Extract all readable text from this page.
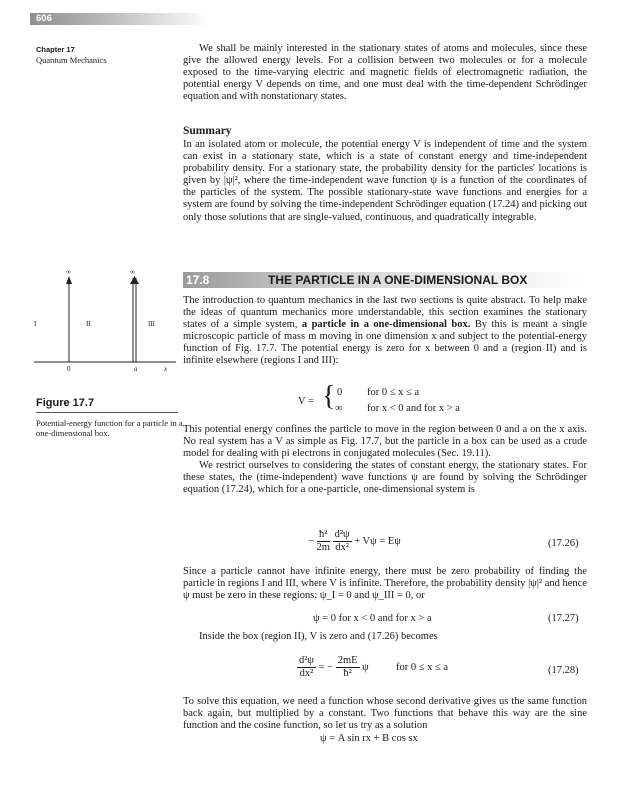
606
Chapter 17
Quantum Mechanics

We shall be mainly interested in the stationary states of atoms and molecules, since these give the allowed energy levels. For a collision between two molecules or for a molecule exposed to the time-varying electric and magnetic fields of electromagnetic radiation, the potential energy V depends on time, and one must deal with the time-dependent Schrödinger equation and with nonstationary states.

Summary

In an isolated atom or molecule, the potential energy V is independent of time and the system can exist in a stationary state, which is a state of constant energy and time-independent probability density. For a stationary state, the probability density for the particles' locations is given by |ψ|², where the time-independent wave function ψ is a function of the coordinates of the particles of the system. The possible stationary-state wave functions and energies for a system are found by solving the time-independent Schrödinger equation (17.24) and picking out only those solutions that are single-valued, continuous, and quadratically integrable.

17.8	THE PARTICLE IN A ONE-DIMENSIONAL BOX

The introduction to quantum mechanics in the last two sections is quite abstract. To help make the ideas of quantum mechanics more understandable, this section examines the stationary states of a simple system, a particle in a one-dimensional box. By this is meant a single microscopic particle of mass m moving in one dimension x and subject to the potential-energy function of Fig. 17.7. The potential energy is zero for x between 0 and a (region II) and is infinite elsewhere (regions I and III):

V = { 0 for 0 ≤ x ≤ a
∞ for x < 0 and for x > a

This potential energy confines the particle to move in the region between 0 and a on the x axis. No real system has a V as simple as Fig. 17.7, but the particle in a box can be used as a crude model for dealing with pi electrons in conjugated molecules (Sec. 19.11).

We restrict ourselves to considering the states of constant energy, the stationary states. For these states, the (time-independent) wave functions ψ are found by solving the Schrödinger equation (17.24), which for a one-particle, one-dimensional system is

− $\frac{\text{ħ²}}{2m}$
$\frac{\text{d²ψ}}{\text{dx²}} + V\psi = E\psi$	(17.26)

Since a particle cannot have infinite energy, there must be zero probability of finding the particle in regions I and III, where V is infinite. Therefore, the probability density |ψ|² and hence ψ must be zero in these regions: ψ_I = 0 and ψ_III = 0, or

ψ = 0 for x < 0 and for x > a	(17.27)

Inside the box (region II), V is zero and (17.26) becomes

$\frac{\text{d²ψ}}{\text{dx²}}$ = − $\frac{2mE}{\text{ħ²}}$ ψ	for 0 ≤ x ≤ a	(17.28)

To solve this equation, we need a function whose second derivative gives us the same function back again, but multiplied by a constant. Two functions that behave this way are the sine function and the cosine function, so let us try as a solution

ψ = A sin rx + B cos sx
∞	∞
I	II	III
0	a	x
Figure 17.7
Potential-energy function for a particle in a one-dimensional box.
